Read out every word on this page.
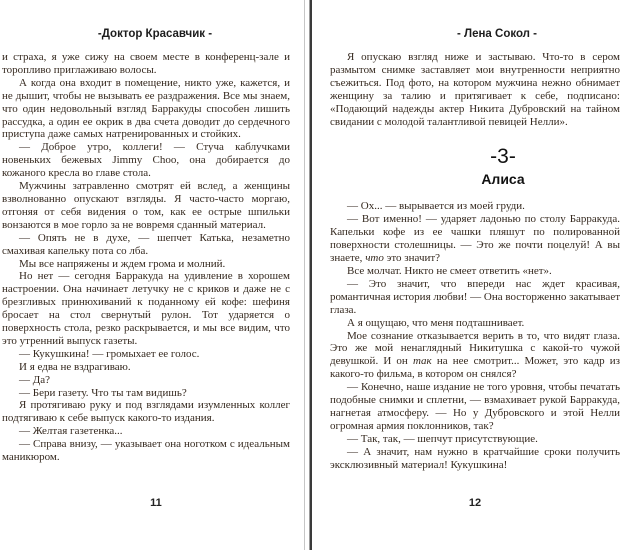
-Доктор Красавчик -

и страха, я уже сижу на своем месте в конференц-зале и торопливо приглаживаю волосы.

А когда она входит в помещение, никто уже, кажется, и не дышит, чтобы не вызывать ее раздражения. Все мы знаем, что один недовольный взгляд Барракуды способен лишить рассудка, а один ее окрик в два счета доводит до сердечного приступа даже самых натренированных и стойких.

— Доброе утро, коллеги! — Стуча каблучками новеньких бежевых Jimmy Choo, она добирается до кожаного кресла во главе стола.

Мужчины затравленно смотрят ей вслед, а женщины взволнованно опускают взгляды. Я часто-часто моргаю, отгоняя от себя видения о том, как ее острые шпильки вонзаются в мое горло за не вовремя сданный материал.

— Опять не в духе, — шепчет Катька, незаметно смахивая капельку пота со лба.

Мы все напряжены и ждем грома и молний.

Но нет — сегодня Барракуда на удивление в хорошем настроении. Она начинает летучку не с криков и даже не с брезгливых принюхиваний к поданному ей кофе: шефиня бросает на стол свернутый рулон. Тот ударяется о поверхность стола, резко раскрывается, и мы все видим, что это утренний выпуск газеты.

— Кукушкина! — громыхает ее голос.

И я едва не вздрагиваю.

— Да?

— Бери газету. Что ты там видишь?

Я протягиваю руку и под взглядами изумленных коллег подтягиваю к себе выпуск какого-то издания.

— Желтая газетенка...

— Справа внизу, — указывает она ноготком с идеальным маникюром.

11
- Лена Сокол -

Я опускаю взгляд ниже и застываю. Что-то в сером размытом снимке заставляет мои внутренности неприятно съежиться. Под фото, на котором мужчина нежно обнимает женщину за талию и притягивает к себе, подписано: «Подающий надежды актер Никита Дубровский на тайном свидании с молодой талантливой певицей Нелли».

-3-
Алиса

— Ох... — вырывается из моей груди.

— Вот именно! — ударяет ладонью по столу Барракуда. Капельки кофе из ее чашки пляшут по полированной поверхности столешницы. — Это же почти поцелуй! А вы знаете, что это значит?

Все молчат. Никто не смеет ответить «нет».

— Это значит, что впереди нас ждет красивая, романтичная история любви! — Она восторженно закатывает глаза.

А я ощущаю, что меня подташнивает.

Мое сознание отказывается верить в то, что видят глаза. Это же мой ненаглядный Никитушка с какой-то чужой девушкой. И он так на нее смотрит... Может, это кадр из какого-то фильма, в котором он снялся?

— Конечно, наше издание не того уровня, чтобы печатать подобные снимки и сплетни, — взмахивает рукой Барракуда, нагнетая атмосферу. — Но у Дубровского и этой Нелли огромная армия поклонников, так?

— Так, так, — шепчут присутствующие.

— А значит, нам нужно в кратчайшие сроки получить эксклюзивный материал! Кукушкина!

12
